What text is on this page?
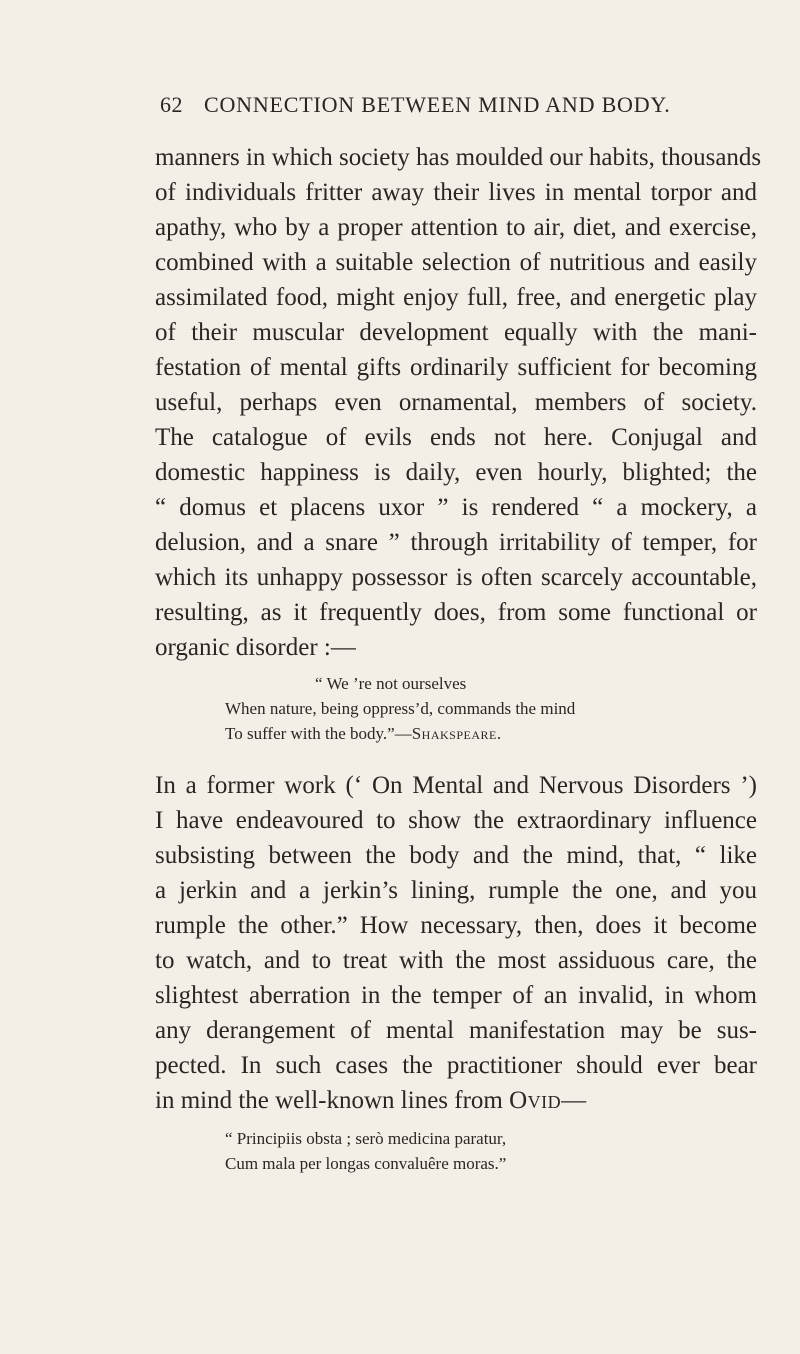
62 CONNECTION BETWEEN MIND AND BODY.
manners in which society has moulded our habits, thousands
of individuals fritter away their lives in mental torpor and
apathy, who by a proper attention to air, diet, and exercise,
combined with a suitable selection of nutritious and easily
assimilated food, might enjoy full, free, and energetic play
of their muscular development equally with the mani-
festation of mental gifts ordinarily sufficient for becoming
useful, perhaps even ornamental, members of society.
The catalogue of evils ends not here. Conjugal and
domestic happiness is daily, even hourly, blighted; the
“ domus et placens uxor ” is rendered “ a mockery, a
delusion, and a snare ” through irritability of temper, for
which its unhappy possessor is often scarcely accountable,
resulting, as it frequently does, from some functional or
organic disorder :—
“ We ’re not ourselves
When nature, being oppress’d, commands the mind
To suffer with the body.”—Shakspeare.
In a former work (‘ On Mental and Nervous Disorders ’)
I have endeavoured to show the extraordinary influence
subsisting between the body and the mind, that, “ like
a jerkin and a jerkin’s lining, rumple the one, and you
rumple the other.” How necessary, then, does it become
to watch, and to treat with the most assiduous care, the
slightest aberration in the temper of an invalid, in whom
any derangement of mental manifestation may be sus-
pected. In such cases the practitioner should ever bear
in mind the well-known lines from Ovid—
“ Principiis obsta ; serò medicina paratur,
Cum mala per longas convaluêre moras.”
